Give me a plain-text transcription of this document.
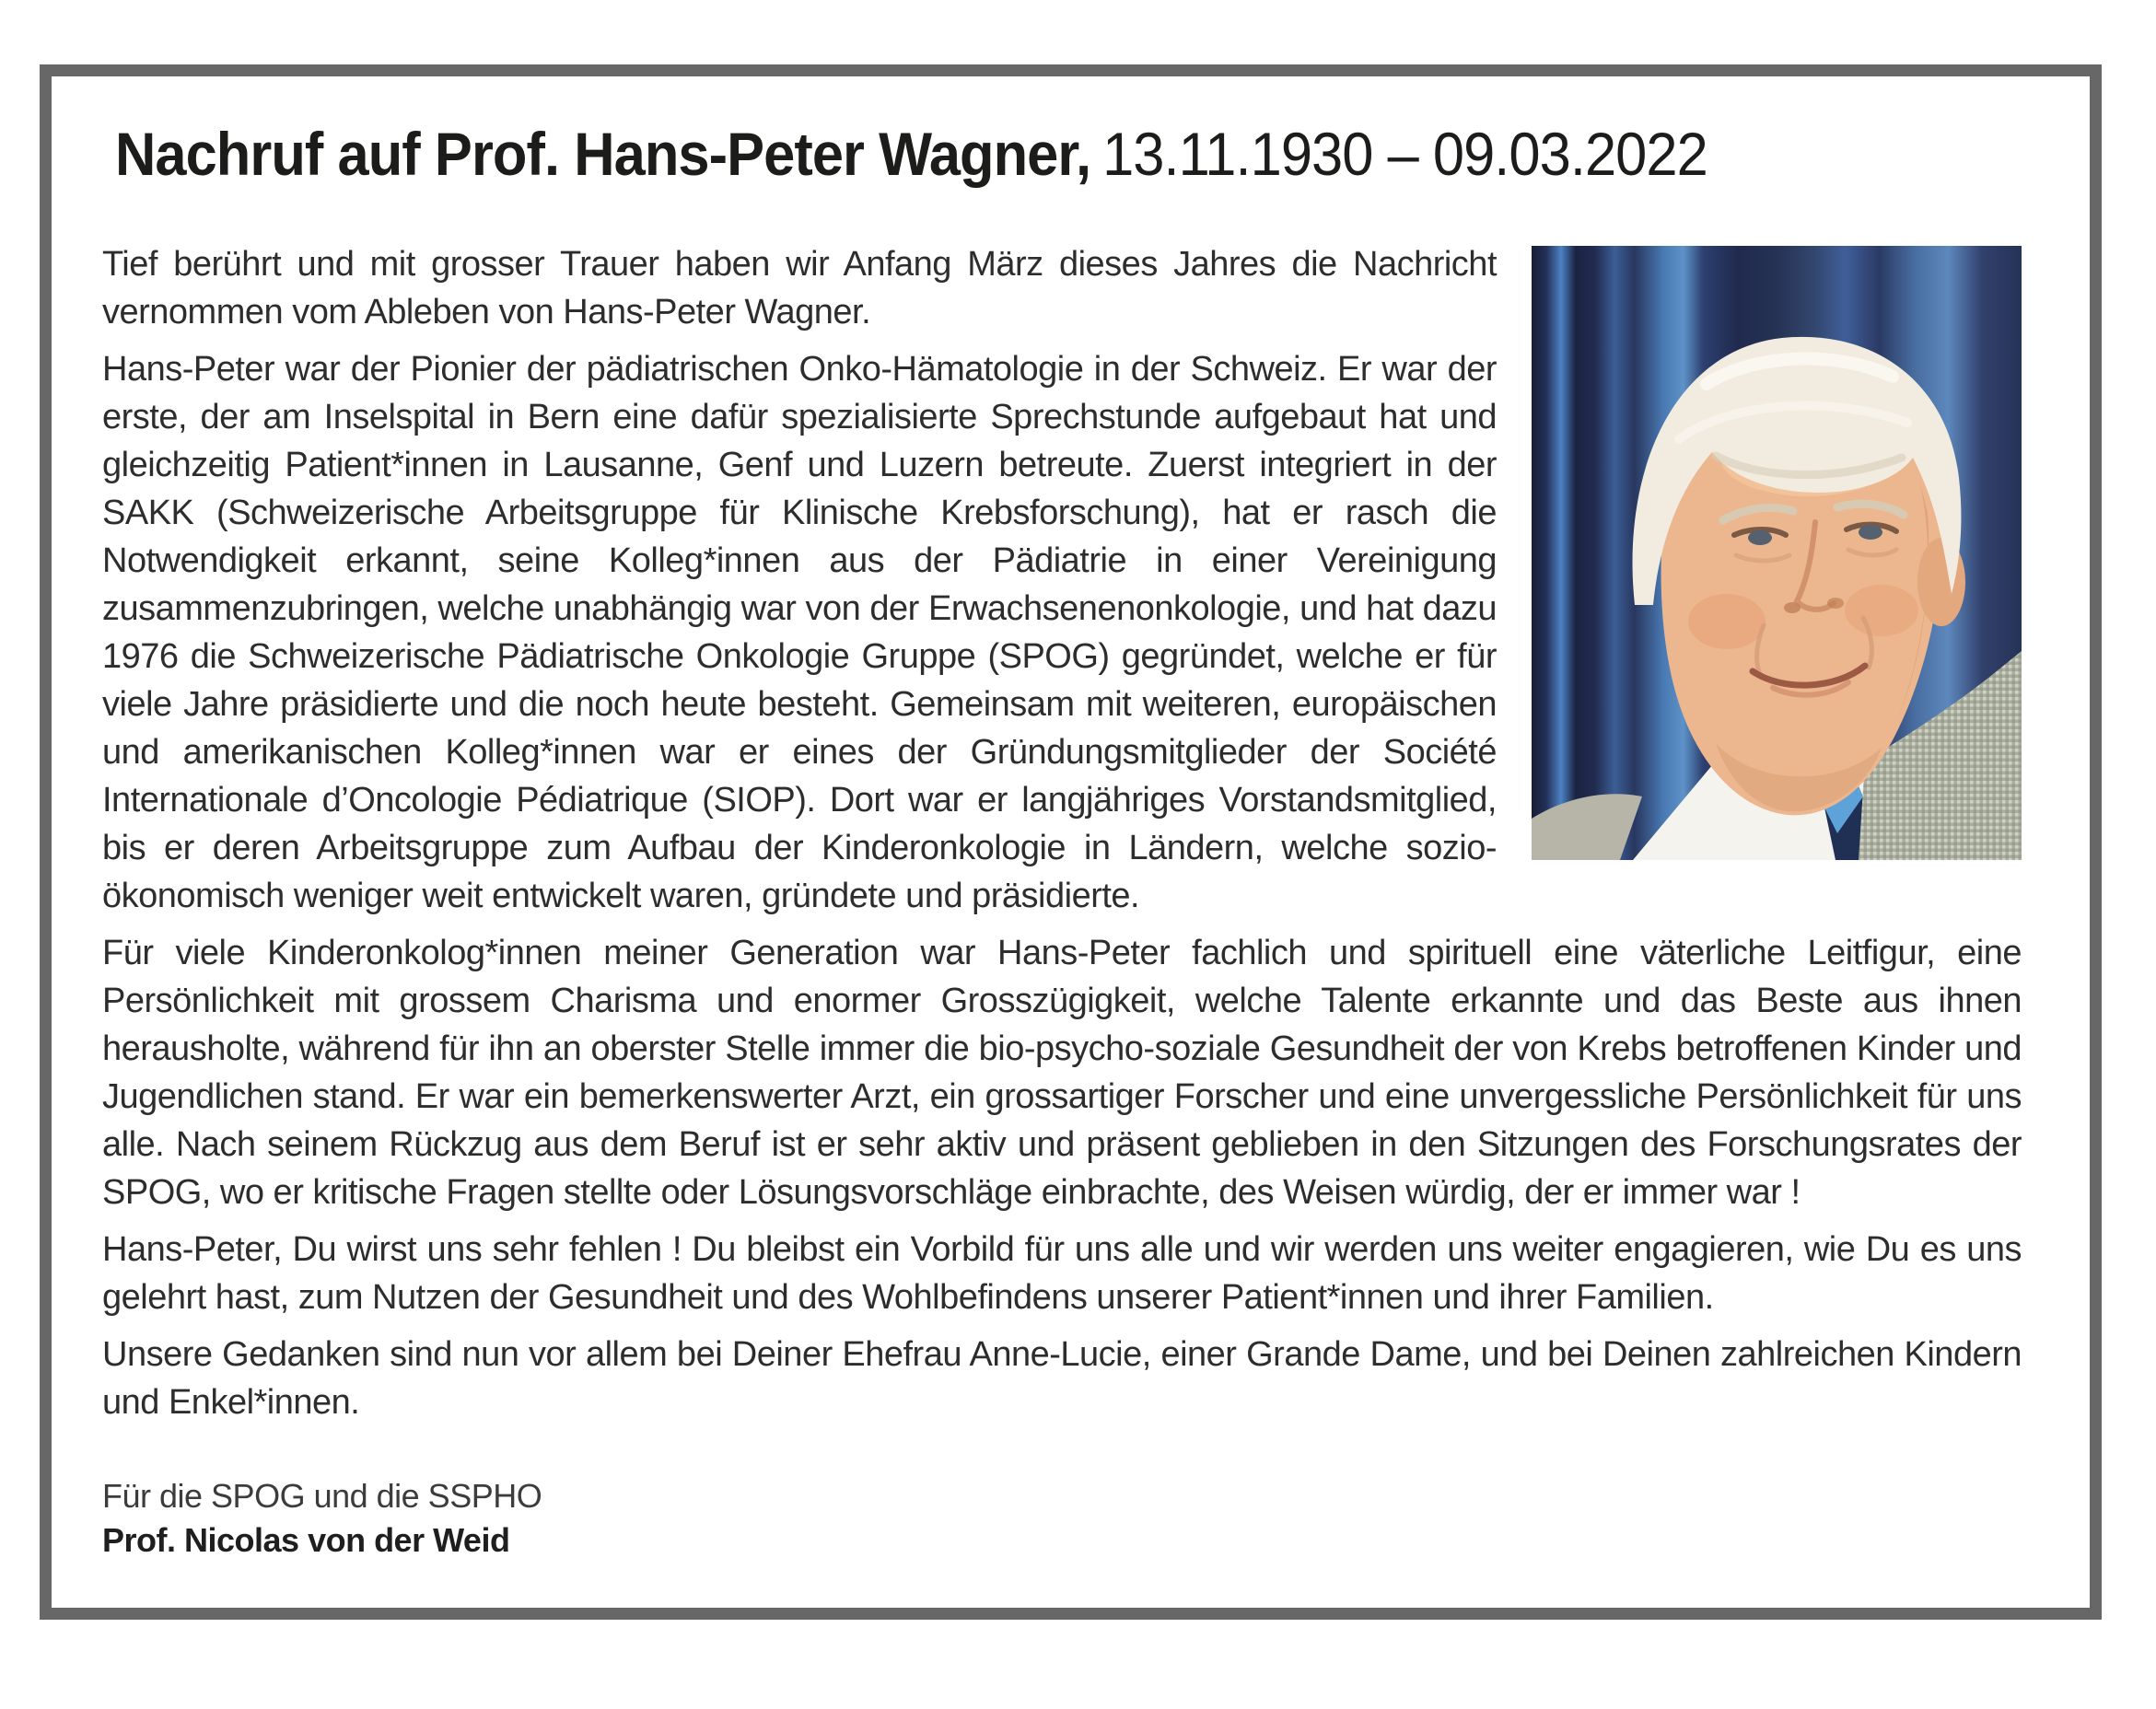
Nachruf auf Prof. Hans-Peter Wagner, 13.11.1930 – 09.03.2022

Tief berührt und mit grosser Trauer haben wir Anfang März dieses Jahres die Nachricht vernommen vom Ableben von Hans-Peter Wagner.

Hans-Peter war der Pionier der pädiatrischen Onko-Hämatologie in der Schweiz. Er war der erste, der am Inselspital in Bern eine dafür spezialisierte Sprechstunde aufgebaut hat und gleichzeitig Patient*innen in Lausanne, Genf und Luzern betreute. Zuerst integriert in der SAKK (Schweizerische Arbeitsgruppe für Klinische Krebsforschung), hat er rasch die Notwendigkeit erkannt, seine Kolleg*innen aus der Pädiatrie in einer Vereinigung zusammenzubringen, welche unabhängig war von der Erwachsenenonkologie, und hat dazu 1976 die Schweizerische Pädiatrische Onkologie Gruppe (SPOG) gegründet, welche er für viele Jahre präsidierte und die noch heute besteht. Gemeinsam mit weiteren, europäischen und amerikanischen Kolleg*innen war er eines der Gründungsmitglieder der Société Internationale d’Oncologie Pédiatrique (SIOP). Dort war er langjähriges Vorstandsmitglied, bis er deren Arbeitsgruppe zum Aufbau der Kinderonkologie in Ländern, welche sozio-ökonomisch weniger weit entwickelt waren, gründete und präsidierte.

Für viele Kinderonkolog*innen meiner Generation war Hans-Peter fachlich und spirituell eine väterliche Leitfigur, eine Persönlichkeit mit grossem Charisma und enormer Grosszügigkeit, welche Talente erkannte und das Beste aus ihnen herausholte, während für ihn an oberster Stelle immer die bio-psycho-soziale Gesundheit der von Krebs betroffenen Kinder und Jugendlichen stand. Er war ein bemerkenswerter Arzt, ein grossartiger Forscher und eine unvergessliche Persönlichkeit für uns alle. Nach seinem Rückzug aus dem Beruf ist er sehr aktiv und präsent geblieben in den Sitzungen des Forschungsrates der SPOG, wo er kritische Fragen stellte oder Lösungsvorschläge einbrachte, des Weisen würdig, der er immer war !

Hans-Peter, Du wirst uns sehr fehlen ! Du bleibst ein Vorbild für uns alle und wir werden uns weiter engagieren, wie Du es uns gelehrt hast, zum Nutzen der Gesundheit und des Wohlbefindens unserer Patient*innen und ihrer Familien.

Unsere Gedanken sind nun vor allem bei Deiner Ehefrau Anne-Lucie, einer Grande Dame, und bei Deinen zahlreichen Kindern und Enkel*innen.

Für die SPOG und die SSPHO
Prof. Nicolas von der Weid
